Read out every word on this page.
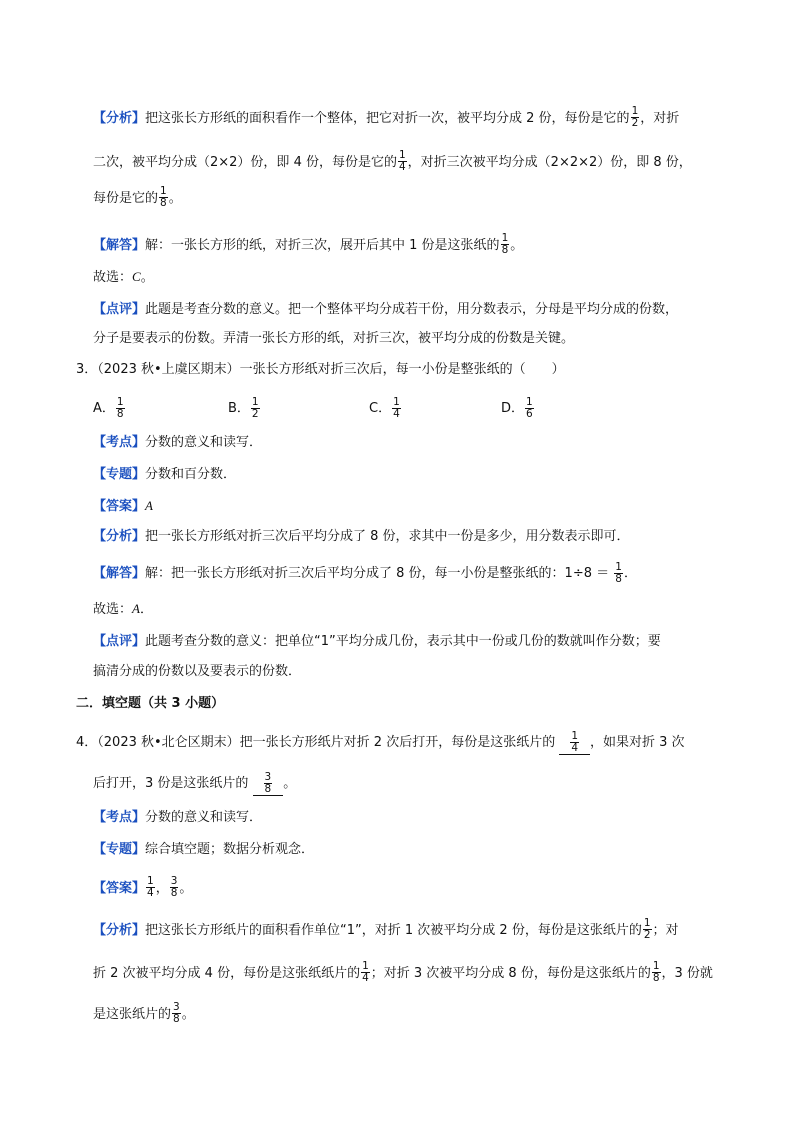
【分析】把这张长方形纸的面积看作一个整体，把它对折一次，被平均分成 2 份，每份是它的 $\frac{1}{2}$ ，对折
二次，被平均分成（2×2）份，即 4 份，每份是它的 $\frac{1}{4}$ ，对折三次被平均分成（2×2×2）份，即 8 份，
每份是它的 $\frac{1}{8}$ 。
【解答】解：一张长方形的纸，对折三次，展开后其中 1 份是这张纸的 $\frac{1}{8}$ 。
故选：C。
【点评】此题是考查分数的意义。把一个整体平均分成若干份，用分数表示，分母是平均分成的份数，
分子是要表示的份数。弄清一张长方形的纸，对折三次，被平均分成的份数是关键。
3．（2023 秋•上虞区期末）一张长方形纸对折三次后，每一小份是整张纸的（　　）
A． $\frac{1}{8}$	B． $\frac{1}{2}$	C． $\frac{1}{4}$	D． $\frac{1}{6}$
【考点】分数的意义和读写．
【专题】分数和百分数．
【答案】A
【分析】把一张长方形纸对折三次后平均分成了 8 份，求其中一份是多少，用分数表示即可．
【解答】解：把一张长方形纸对折三次后平均分成了 8 份，每一小份是整张纸的：$1\div 8 = \frac{1}{8}$ ．
故选：A．
【点评】此题考查分数的意义：把单位“1”平均分成几份，表示其中一份或几份的数就叫作分数；要
搞清分成的份数以及要表示的份数．
二．填空题（共 3 小题）
4．（2023 秋•北仑区期末）把一张长方形纸片对折 2 次后打开，每份是这张纸片的 $\frac{1}{4}$ ，如果对折 3 次
后打开，3 份是这张纸片的 $\frac{3}{8}$ 。
【考点】分数的意义和读写．
【专题】综合填空题；数据分析观念．
【答案】 $\frac{1}{4}$ ， $\frac{3}{8}$ 。
【分析】把这张长方形纸片的面积看作单位“1”，对折 1 次被平均分成 2 份，每份是这张纸片的 $\frac{1}{2}$ ；对
折 2 次被平均分成 4 份，每份是这张纸纸片的 $\frac{1}{4}$ ；对折 3 次被平均分成 8 份，每份是这张纸片的 $\frac{1}{8}$ ，3 份就
是这张纸片的 $\frac{3}{8}$ 。
